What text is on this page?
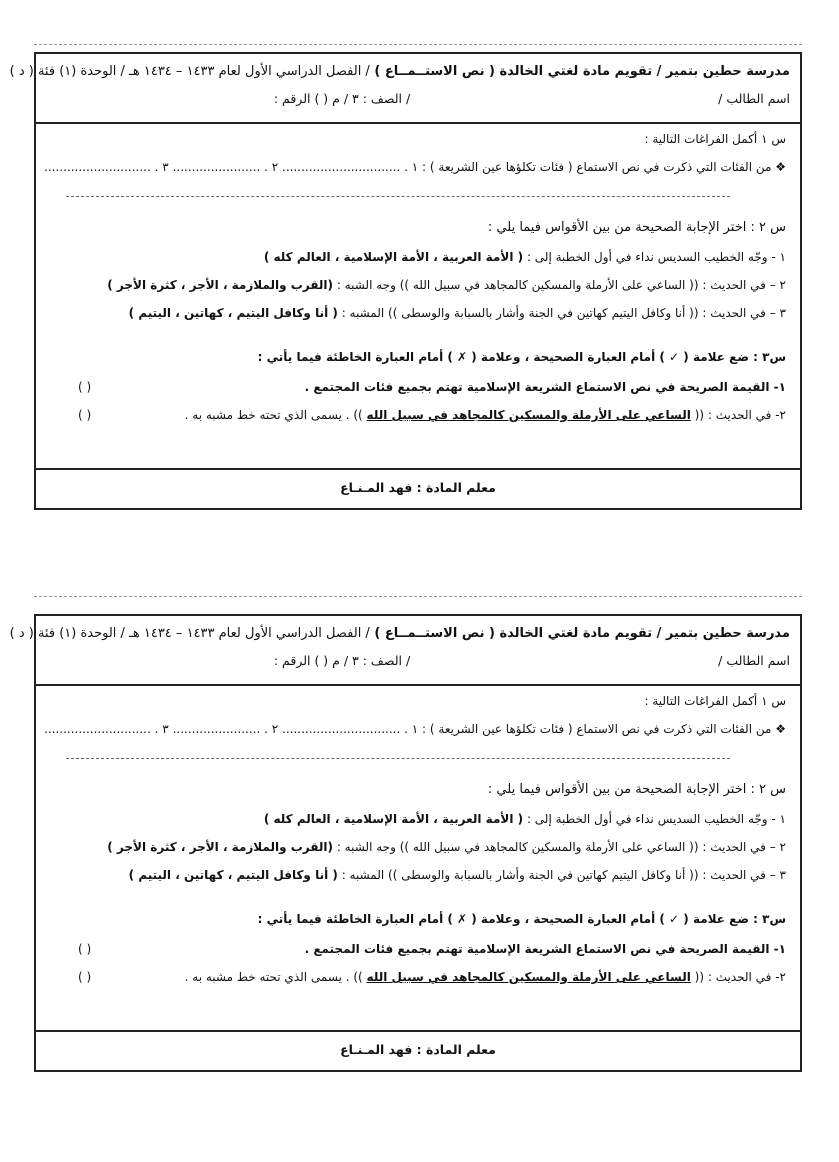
مدرسة حطين بتمير / تقويم مادة لغتي الخالدة ( نص الاستــمــاع ) / الفصل الدراسي الأول لعام ١٤٣٣ – ١٤٣٤ هـ / الوحدة (١) فئة ( د )
اسم الطالب /  / الصف : ٣ / م ( ) الرقم :
س ١ أكمل الفراغات التالية :
❖ من الفئات التي ذكرت في نص الاستماع ( فئات تكلؤها عين الشريعة ) : ١ . ............................... ٢ . ....................... ٣ . ............................
س ٢ : اختر الإجابة الصحيحة من بين الأقواس فيما يلي :
١ - وجّه الخطيب السديس نداء في أول الخطبة إلى : ( الأمة العربية ، الأمة الإسلامية ، العالم كله )
٢ – في الحديث : (( الساعي على الأرملة والمسكين كالمجاهد في سبيل الله )) وجه الشبه : (القرب والملازمة ، الأجر ، كثرة الأجر )
٣ – في الحديث : (( أنا وكافل اليتيم كهاتين في الجنة وأشار بالسبابة والوسطى )) المشبه : ( أنا وكافل اليتيم ، كهاتين ، اليتيم )
س٣ : ضع علامة ( ✓ ) أمام العبارة الصحيحة ، وعلامة ( ✗ ) أمام العبارة الخاطئة فيما يأتي :
١- القيمة الصريحة في نص الاستماع الشريعة الإسلامية تهتم بجميع فئات المجتمع .
( )
٢- في الحديث : (( الساعي على الأرملة والمسكين كالمجاهد في سبيل الله )) . يسمى الذي تحته خط مشبه به .
( )
معلم المادة : فهد المـنـاع
مدرسة حطين بتمير / تقويم مادة لغتي الخالدة ( نص الاستــمــاع ) / الفصل الدراسي الأول لعام ١٤٣٣ – ١٤٣٤ هـ / الوحدة (١) فئة ( د )
اسم الطالب /  / الصف : ٣ / م ( ) الرقم :
س ١ أكمل الفراغات التالية :
❖ من الفئات التي ذكرت في نص الاستماع ( فئات تكلؤها عين الشريعة ) : ١ . ............................... ٢ . ....................... ٣ . ............................
س ٢ : اختر الإجابة الصحيحة من بين الأقواس فيما يلي :
١ - وجّه الخطيب السديس نداء في أول الخطبة إلى : ( الأمة العربية ، الأمة الإسلامية ، العالم كله )
٢ – في الحديث : (( الساعي على الأرملة والمسكين كالمجاهد في سبيل الله )) وجه الشبه : (القرب والملازمة ، الأجر ، كثرة الأجر )
٣ – في الحديث : (( أنا وكافل اليتيم كهاتين في الجنة وأشار بالسبابة والوسطى )) المشبه : ( أنا وكافل اليتيم ، كهاتين ، اليتيم )
س٣ : ضع علامة ( ✓ ) أمام العبارة الصحيحة ، وعلامة ( ✗ ) أمام العبارة الخاطئة فيما يأتي :
١- القيمة الصريحة في نص الاستماع الشريعة الإسلامية تهتم بجميع فئات المجتمع .
( )
٢- في الحديث : (( الساعي على الأرملة والمسكين كالمجاهد في سبيل الله )) . يسمى الذي تحته خط مشبه به .
( )
معلم المادة : فهد المـنـاع
